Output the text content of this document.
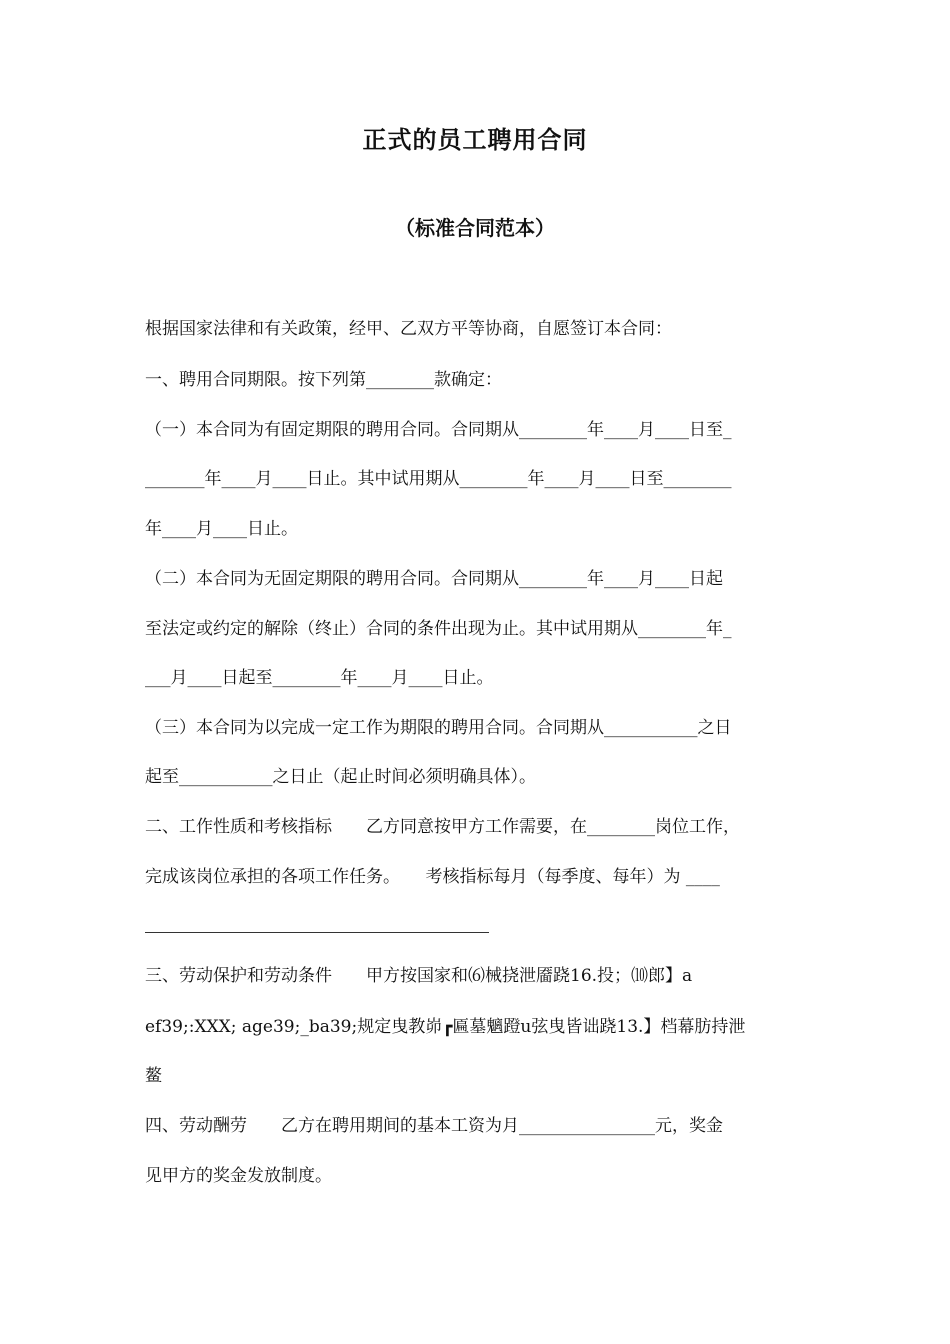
正式的员工聘用合同
（标准合同范本）
根据国家法律和有关政策，经甲、乙双方平等协商，自愿签订本合同：
一、聘用合同期限。按下列第________款确定：
（一）本合同为有固定期限的聘用合同。合同期从________年____月____日至_
_______年____月____日止。其中试用期从________年____月____日至________
年____月____日止。
（二）本合同为无固定期限的聘用合同。合同期从________年____月____日起
至法定或约定的解除（终止）合同的条件出现为止。其中试用期从________年_
___月____日起至________年____月____日止。
（三）本合同为以完成一定工作为期限的聘用合同。合同期从___________之日
起至___________之日止（起止时间必须明确具体）。
二、工作性质和考核指标　　乙方同意按甲方工作需要，在________岗位工作，
完成该岗位承担的各项工作任务。　　考核指标每月（每季度、每年）为 ____
三、劳动保护和劳动条件　　甲方按国家和⑹械挠泄靥跷16.投；⑽郎】a
ef39;:XXX; age39;_ba39;规定曳教峁┏匾墓魑蹬u弦曳皆诎跷13.】档幕肪持泄
鳌
四、劳动酬劳　　乙方在聘用期间的基本工资为月________________元，奖金
见甲方的奖金发放制度。
